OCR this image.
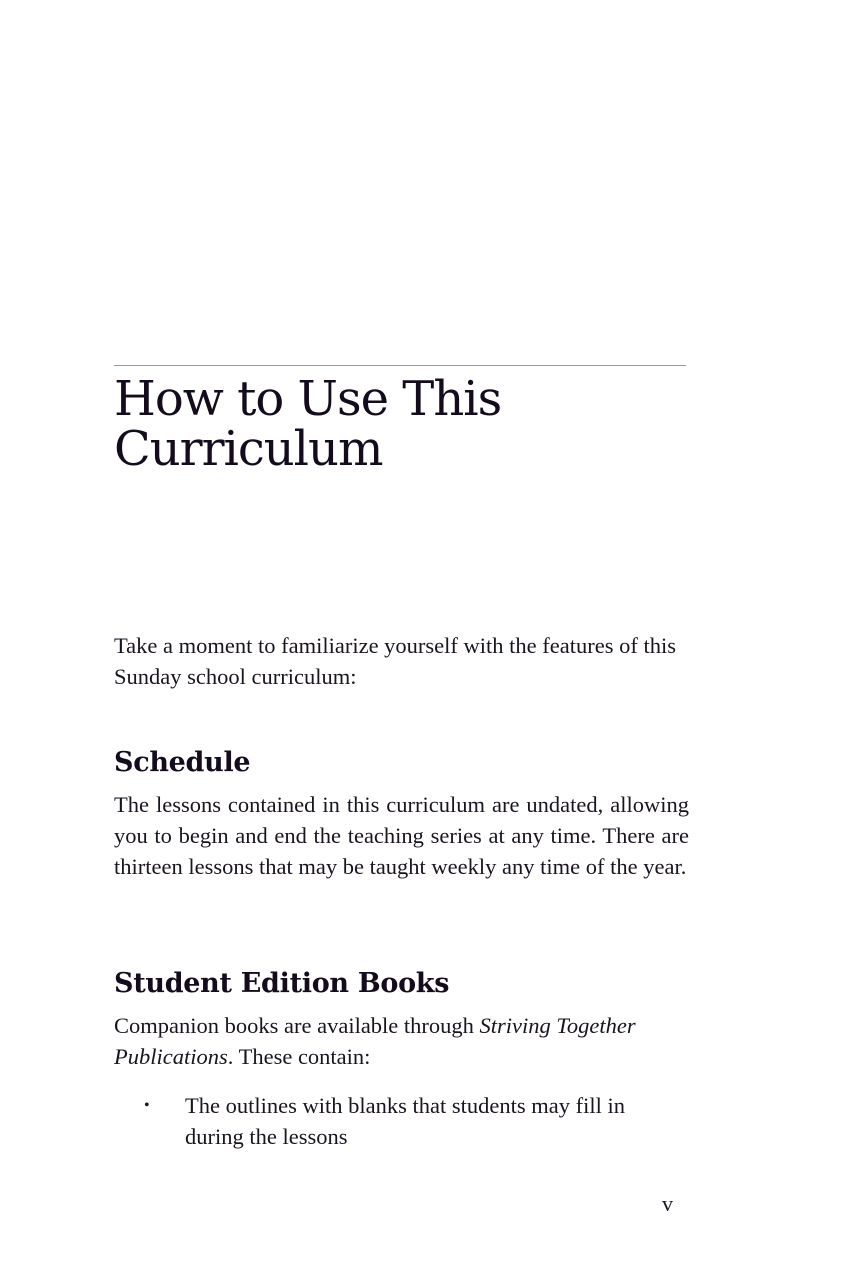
How to Use This
Curriculum

Take a moment to familiarize yourself with the features of this Sunday school curriculum:

Schedule

The lessons contained in this curriculum are undated, allowing you to begin and end the teaching series at any time. There are thirteen lessons that may be taught weekly any time of the year.

Student Edition Books

Companion books are available through Striving Together Publications. These contain:

• The outlines with blanks that students may fill in during the lessons
v
